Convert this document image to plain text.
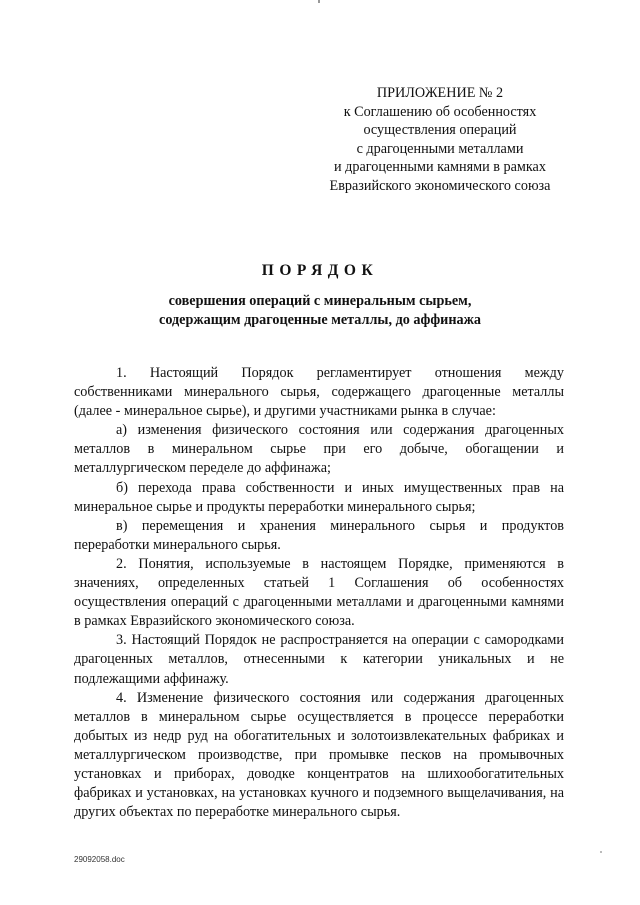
ПРИЛОЖЕНИЕ № 2
к Соглашению об особенностях
осуществления операций
с драгоценными металлами
и драгоценными камнями в рамках
Евразийского экономического союза
ПОРЯДОК
совершения операций с минеральным сырьем,
содержащим драгоценные металлы, до аффинажа

1. Настоящий Порядок регламентирует отношения между собственниками минерального сырья, содержащего драгоценные металлы (далее - минеральное сырье), и другими участниками рынка в случае:

а) изменения физического состояния или содержания драгоценных металлов в минеральном сырье при его добыче, обогащении и металлургическом переделе до аффинажа;

б) перехода права собственности и иных имущественных прав на минеральное сырье и продукты переработки минерального сырья;

в) перемещения и хранения минерального сырья и продуктов переработки минерального сырья.

2. Понятия, используемые в настоящем Порядке, применяются в значениях, определенных статьей 1 Соглашения об особенностях осуществления операций с драгоценными металлами и драгоценными камнями в рамках Евразийского экономического союза.

3. Настоящий Порядок не распространяется на операции с самородками драгоценных металлов, отнесенными к категории уникальных и не подлежащими аффинажу.

4. Изменение физического состояния или содержания драгоценных металлов в минеральном сырье осуществляется в процессе переработки добытых из недр руд на обогатительных и золотоизвлекательных фабриках и металлургическом производстве, при промывке песков на промывочных установках и приборах, доводке концентратов на шлихообогатительных фабриках и установках, на установках кучного и подземного выщелачивания, на других объектах по переработке минерального сырья.

29092058.doc
